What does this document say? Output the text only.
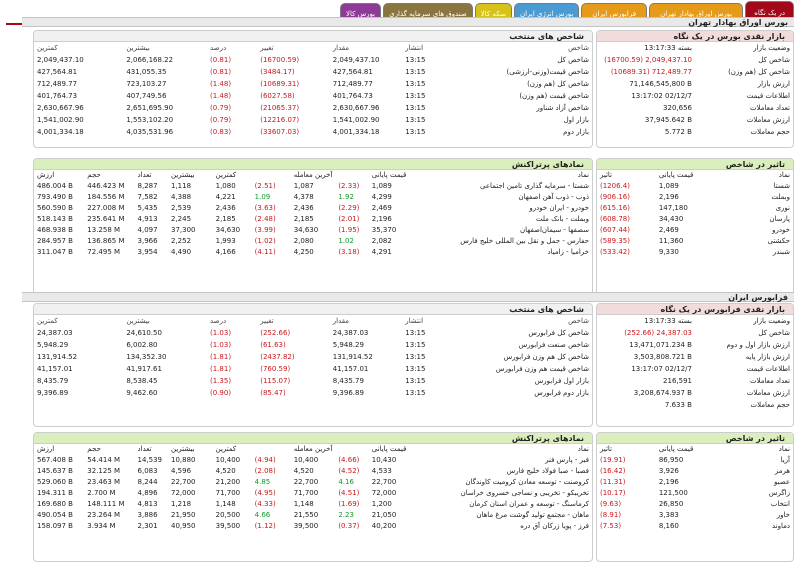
در یک نگاه
بورس اوراق بهادار تهران
فرابورس ایران
بورس انرژی ایران
سکه کالا
صندوق های سرمایه گذاری
بورس کالا
بورس اوراق بهادار تهران
بازار نقدی بورس در یک نگاه
وضعیت بازار	بسته 13:17:33
شاخص کل	(16700.59) 2,049,437.10
شاخص کل (هم وزن)	(10689.31) 712,489.77
ارزش بازار	71,146,545,800 B
اطلاعات قیمت	13:17:02 02/12/7
تعداد معاملات	320,656
ارزش معاملات	37,945.642 B
حجم معاملات	5.772 B
شاخص های منتخب
شاخص	انتشار	مقدار	تغییر	درصد	بیشترین	کمترین
شاخص کل	13:15	2,049,437.10	(16700.59)	(0.81)	2,066,168.22	2,049,437.10
شاخص قیمت(وزنی-ارزشی)	13:15	427,564.81	(3484.17)	(0.81)	431,055.35	427,564.81
شاخص کل (هم وزن)	13:15	712,489.77	(10689.31)	(1.48)	723,103.27	712,489.77
شاخص قیمت (هم وزن)	13:15	401,764.73	(6027.58)	(1.48)	407,749.56	401,764.73
شاخص آزاد شناور	13:15	2,630,667.96	(21065.37)	(0.79)	2,651,695.90	2,630,667.96
بازار اول	13:15	1,541,002.90	(12216.07)	(0.79)	1,553,102.20	1,541,002.90
بازار دوم	13:15	4,001,334.18	(33607.03)	(0.83)	4,035,531.96	4,001,334.18
تاثیر در شاخص
نماد	قیمت پایانی	تاثیر
شستا	1,089	(1206.4)
وبملت	2,196	(906.16)
نوری	147,180	(615.16)
پارسان	34,430	(608.78)
خودرو	2,469	(607.44)
حکشتی	11,360	(589.35)
شبندر	9,330	(533.42)
نمادهای پرتراکنش
نماد	قیمت پایانی		آخرین معامله		کمترین	بیشترین	تعداد	حجم	ارزش
شستا - سرمایه گذاری تامین اجتماعی	1,089	(2.33)	1,087	(2.51)	1,080	1,118	8,287	446.423 M	486.004 B
ذوب - ذوب آهن اصفهان	4,299	1.92	4,378	1.09	4,221	4,388	7,582	184.556 M	793.490 B
خودرو - ایران خودرو	2,469	(2.29)	2,436	(3.63)	2,436	2,539	5,435	227.008 M	560.590 B
وبملت - بانک ملت	2,196	(2.01)	2,185	(2.48)	2,185	2,245	4,913	235.641 M	518.143 B
سصفها - سیمان‌اصفهان	35,370	(1.95)	34,630	(3.99)	34,630	37,300	4,097	13.258 M	468.938 B
حفارس - حمل و نقل بین المللی خلیج فارس	2,082	1.02	2,080	(1.02)	1,993	2,252	3,966	136.865 M	284.957 B
خرامیا - زامیاد	4,291	(3.18)	4,250	(4.11)	4,166	4,490	3,954	72.495 M	311.047 B
فرابورس ایران
بازار نقدی فرابورس در یک نگاه
وضعیت بازار	بسته 13:17:33
شاخص کل	(252.66) 24,387.03
ارزش بازار اول و دوم	13,471,071.234 B
ارزش بازار پایه	3,503,808.721 B
اطلاعات قیمت	13:17:07 02/12/7
تعداد معاملات	216,591
ارزش معاملات	3,208,674.937 B
حجم معاملات	7.633 B
شاخص های منتخب
شاخص	انتشار	مقدار	تغییر	درصد	بیشترین	کمترین
شاخص کل فرابورس	13:15	24,387.03	(252.66)	(1.03)	24,610.50	24,387.03
شاخص صنعت فرابورس	13:15	5,948.29	(61.63)	(1.03)	6,002.80	5,948.29
شاخص کل هم وزن فرابورس	13:15	131,914.52	(2437.82)	(1.81)	134,352.30	131,914.52
شاخص قیمت هم وزن فرابورس	13:15	41,157.01	(760.59)	(1.81)	41,917.61	41,157.01
بازار اول فرابورس	13:15	8,435.79	(115.07)	(1.35)	8,538.45	8,435.79
بازار دوم فرابورس	13:15	9,396.89	(85.47)	(0.90)	9,462.60	9,396.89
تاثیر در شاخص
نماد	قیمت پایانی	تاثیر
آریا	86,950	(19.91)
هرمز	3,926	(16.42)
عصبو	2,196	(11.31)
زاگرس	121,500	(10.17)
انتخاب	26,850	(9.63)
خاور	3,383	(8.91)
دماوند	8,160	(7.53)
نمادهای پرتراکنش
نماد	قیمت پایانی		آخرین معامله		کمترین	بیشترین	تعداد	حجم	ارزش
فبر - پارس فنر	10,430	(4.66)	10,400	(4.94)	10,400	10,880	14,539	54.414 M	567.408 B
فصبا - صبا فولاد خلیج فارس	4,533	(4.52)	4,520	(2.08)	4,520	4,596	6,083	32.125 M	145.637 B
کروصنت - توسعه معادن کرومیت کاوندگان	22,700	4.16	22,700	4.85	21,200	22,700	8,244	23.463 M	529.060 B
تخریبکو - تخریبی و نساجی خسروی خراسان	72,000	(4.51)	71,700	(4.95)	71,700	72,000	4,896	2.700 M	194.311 B
کرماسنگ - توسعه و عمران استان کرمان	1,200	(1.69)	1,148	(4.33)	1,148	1,218	4,813	148.111 M	169.680 B
ماهان - مجتمع تولید گوشت مرغ ماهان	21,050	2.23	21,550	4.66	20,500	21,950	3,886	23.264 M	490.054 B
فرز - پویا زرکان آق دره	40,200	(0.37)	39,500	(1.12)	39,500	40,950	2,301	3.934 M	158.097 B
